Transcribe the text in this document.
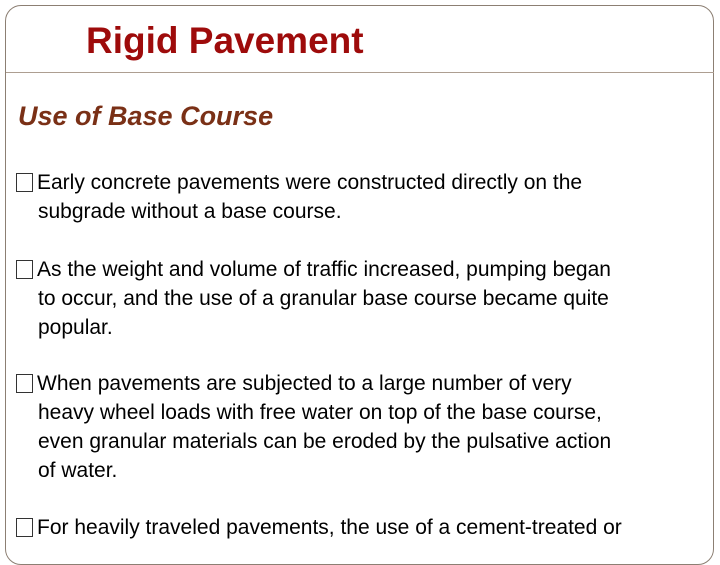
Rigid Pavement
Use of Base Course
Early concrete pavements were constructed directly on the
subgrade without a base course.
As the weight and volume of traffic increased, pumping began
to occur, and the use of a granular base course became quite
popular.
When pavements are subjected to a large number of very
heavy wheel loads with free water on top of the base course,
even granular materials can be eroded by the pulsative action
of water.
For heavily traveled pavements, the use of a cement-treated or
